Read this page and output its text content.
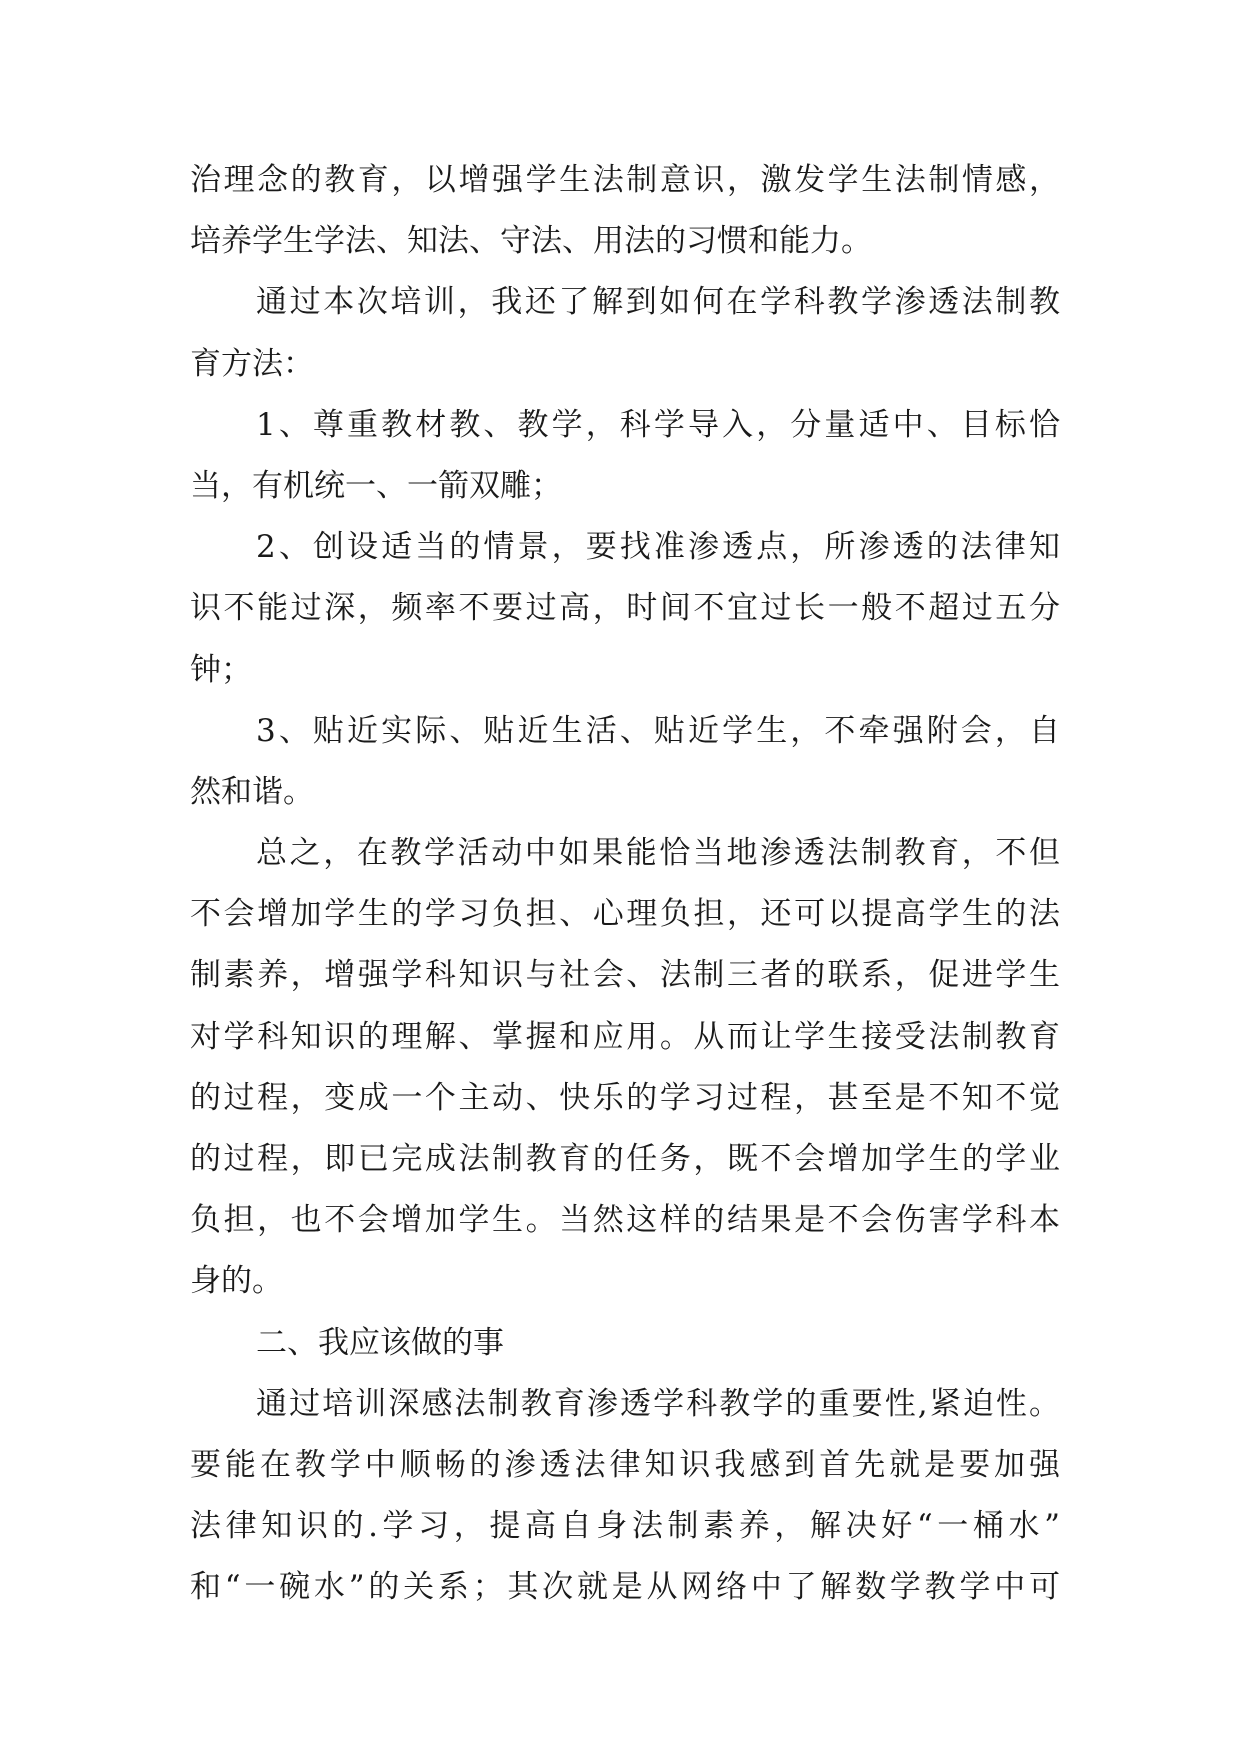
治理念的教育，以增强学生法制意识，激发学生法制情感，
培养学生学法、知法、守法、用法的习惯和能力。
通过本次培训，我还了解到如何在学科教学渗透法制教
育方法：
1、尊重教材教、教学，科学导入，分量适中、目标恰
当，有机统一、一箭双雕；
2、创设适当的情景，要找准渗透点，所渗透的法律知
识不能过深，频率不要过高，时间不宜过长一般不超过五分
钟；
3、贴近实际、贴近生活、贴近学生，不牵强附会，自
然和谐。
总之，在教学活动中如果能恰当地渗透法制教育，不但
不会增加学生的学习负担、心理负担，还可以提高学生的法
制素养，增强学科知识与社会、法制三者的联系，促进学生
对学科知识的理解、掌握和应用。从而让学生接受法制教育
的过程，变成一个主动、快乐的学习过程，甚至是不知不觉
的过程，即已完成法制教育的任务，既不会增加学生的学业
负担，也不会增加学生。当然这样的结果是不会伤害学科本
身的。
二、我应该做的事
通过培训深感法制教育渗透学科教学的重要性,紧迫性。
要能在教学中顺畅的渗透法律知识我感到首先就是要加强
法律知识的.学习，提高自身法制素养，解决好“一桶水”
和“一碗水”的关系；其次就是从网络中了解数学教学中可
